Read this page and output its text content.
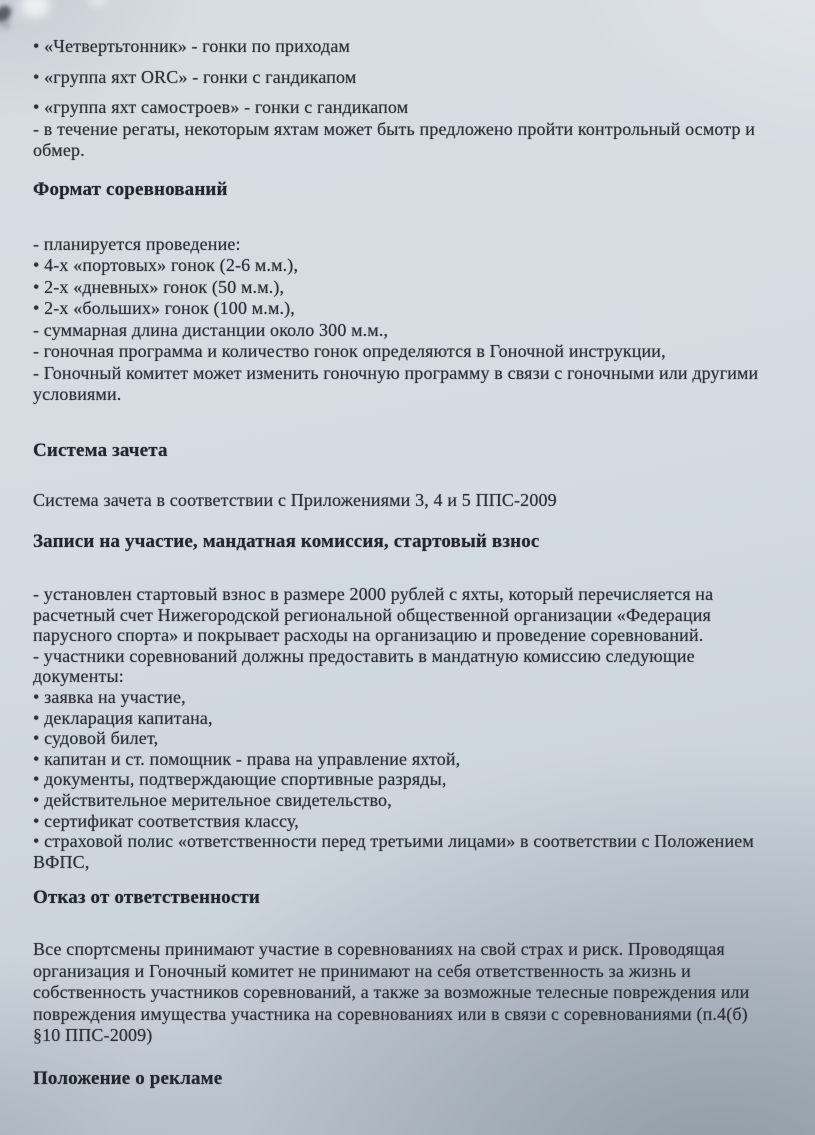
• «Четвертьтонник» - гонки по приходам
• «группа яхт ORC» - гонки с гандикапом
• «группа яхт самостроев» - гонки с гандикапом
- в течение регаты, некоторым яхтам может быть предложено пройти контрольный осмотр и
обмер.
Формат соревнований
- планируется проведение:
• 4-х «портовых» гонок (2-6 м.м.),
• 2-х «дневных» гонок (50 м.м.),
• 2-х «больших» гонок (100 м.м.),
- суммарная длина дистанции около 300 м.м.,
- гоночная программа и количество гонок определяются в Гоночной инструкции,
- Гоночный комитет может изменить гоночную программу в связи с гоночными или другими
условиями.
Система зачета
Система зачета в соответствии с Приложениями 3, 4 и 5 ППС-2009
Записи на участие, мандатная комиссия, стартовый взнос
- установлен стартовый взнос в размере 2000 рублей с яхты, который перечисляется на
расчетный счет Нижегородской региональной общественной организации «Федерация
парусного спорта» и покрывает расходы на организацию и проведение соревнований.
- участники соревнований должны предоставить в мандатную комиссию следующие
документы:
• заявка на участие,
• декларация капитана,
• судовой билет,
• капитан и ст. помощник - права на управление яхтой,
• документы, подтверждающие спортивные разряды,
• действительное мерительное свидетельство,
• сертификат соответствия классу,
• страховой полис «ответственности перед третьими лицами» в соответствии с Положением
ВФПС,
Отказ от ответственности
Все спортсмены принимают участие в соревнованиях на свой страх и риск. Проводящая
организация и Гоночный комитет не принимают на себя ответственность за жизнь и
собственность участников соревнований, а также за возможные телесные повреждения или
повреждения имущества участника на соревнованиях или в связи с соревнованиями (п.4(б)
§10 ППС-2009)
Положение о рекламе
